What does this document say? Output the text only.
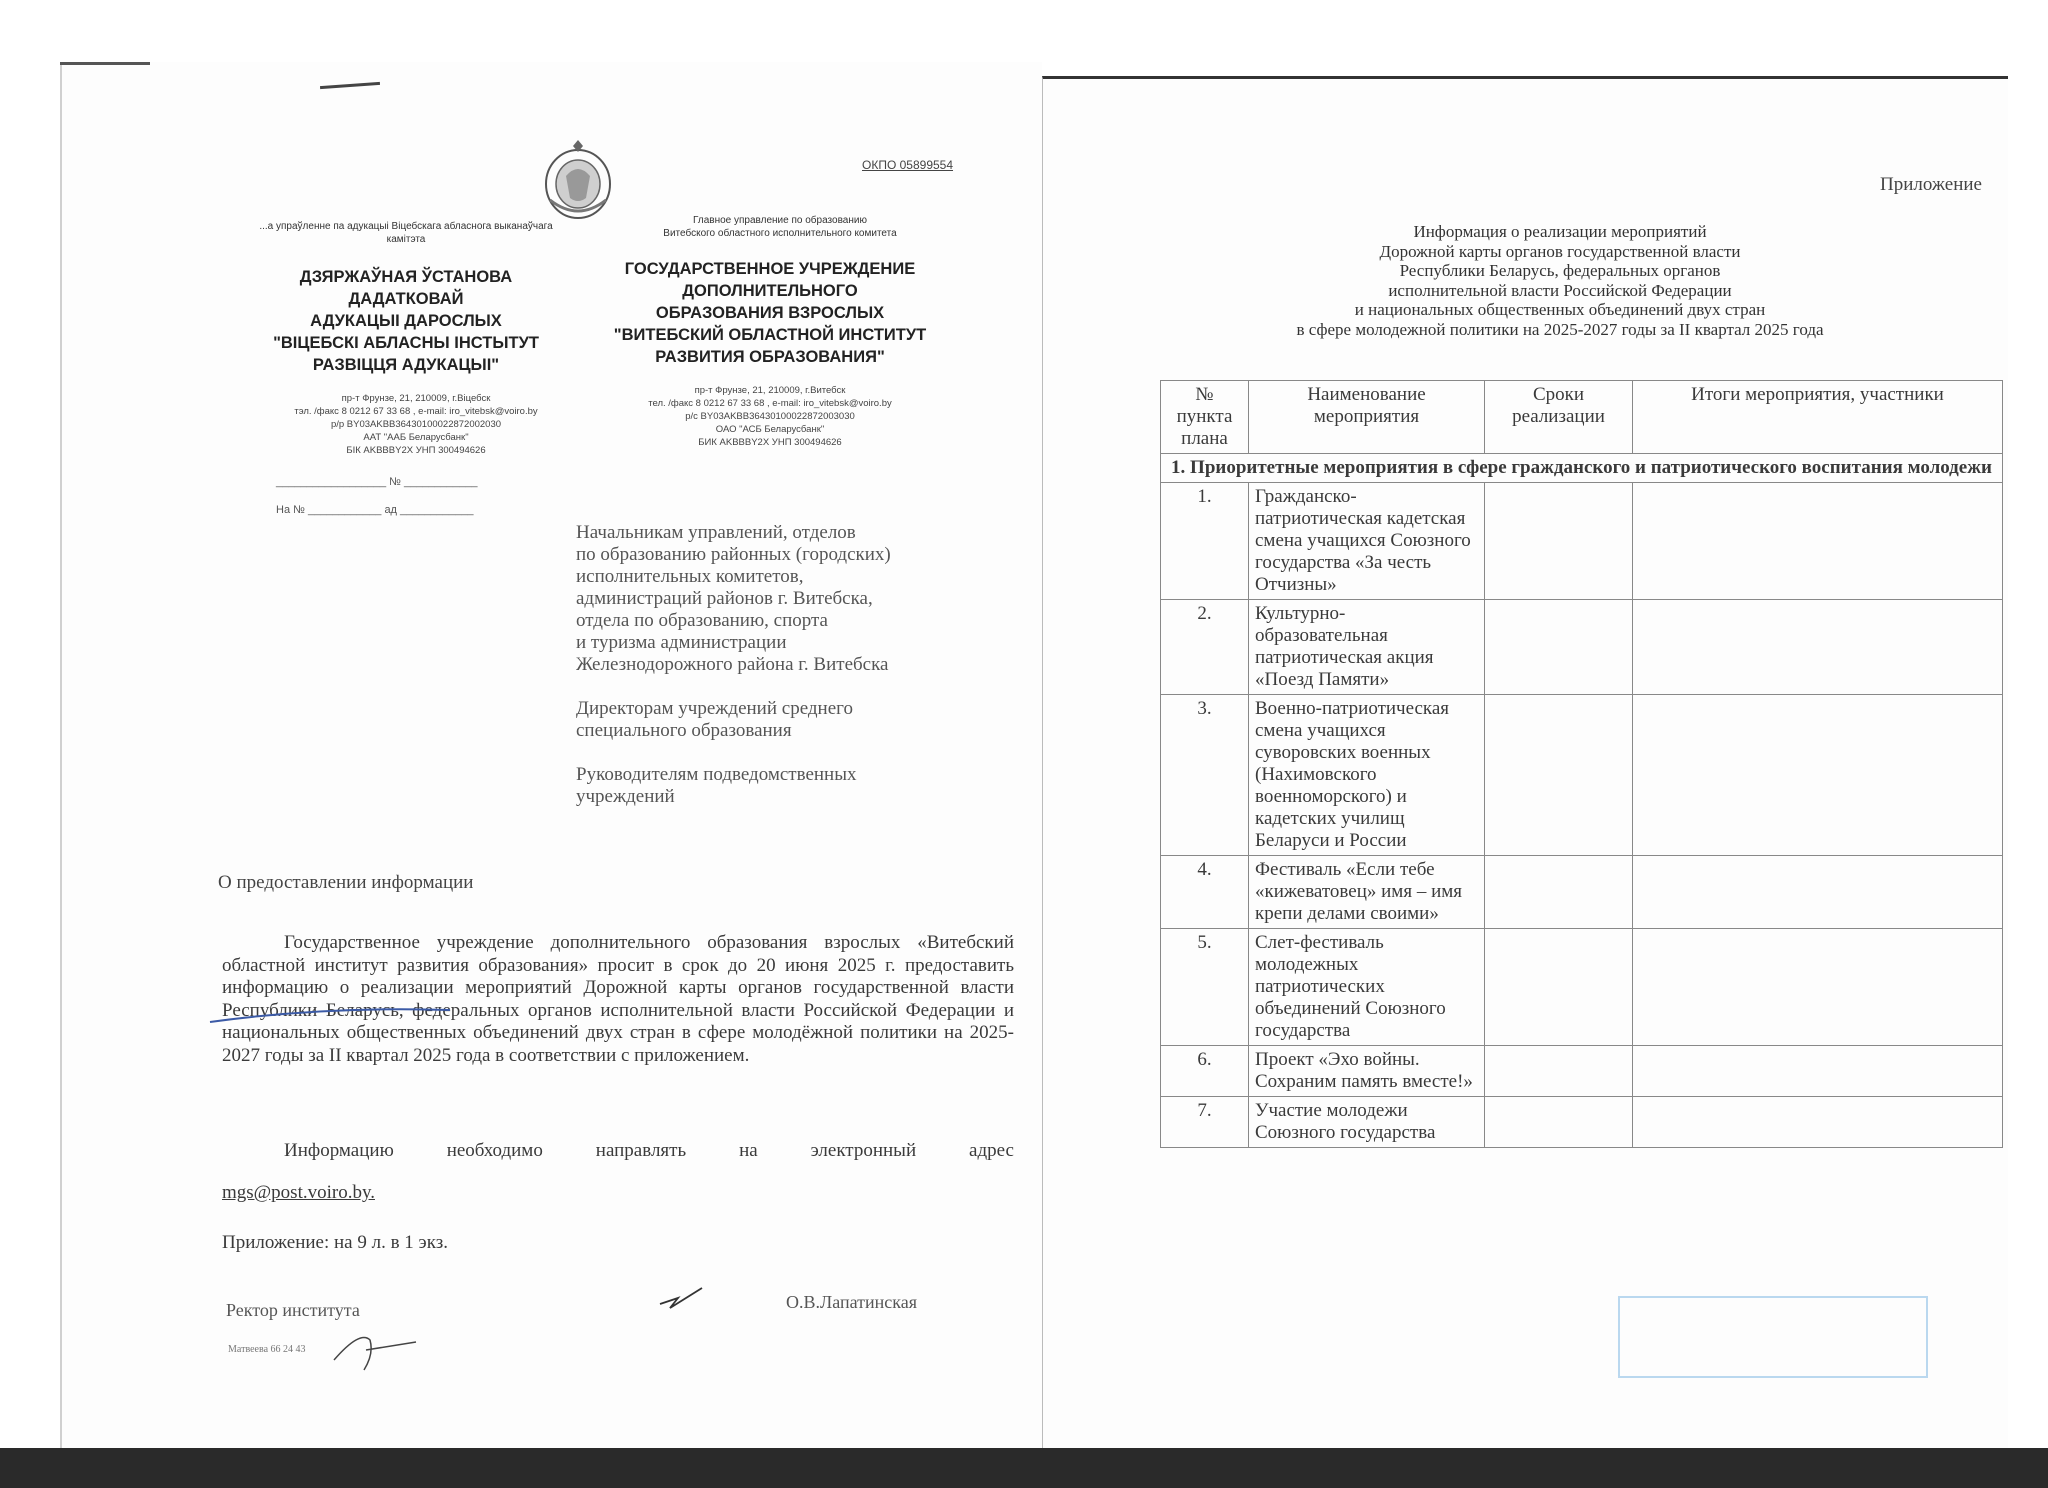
ОКПО 05899554
...а упраўленне па адукацыі Віцебскага абласнога выканаўчага камітэта
ДЗЯРЖАЎНАЯ ЎСТАНОВА
ДАДАТКОВАЙ
АДУКАЦЫІ ДАРОСЛЫХ
"ВІЦЕБСКІ АБЛАСНЫ ІНСТЫТУТ
РАЗВІЦЦЯ АДУКАЦЫІ"
пр-т Фрунзе, 21, 210009, г.Віцебск
тэл. /факс 8 0212 67 33 68 , e-mail: iro_vitebsk@voiro.by
р/р BY03AKBB36430100022872002030
ААТ "ААБ Беларусбанк"
БІК AKBBBY2X УНП 300494626
__________________ № ____________
На № ____________ ад ____________
Главное управление по образованию
Витебского областного исполнительного комитета
ГОСУДАРСТВЕННОЕ УЧРЕЖДЕНИЕ
ДОПОЛНИТЕЛЬНОГО
ОБРАЗОВАНИЯ ВЗРОСЛЫХ
"ВИТЕБСКИЙ ОБЛАСТНОЙ ИНСТИТУТ
РАЗВИТИЯ ОБРАЗОВАНИЯ"
пр-т Фрунзе, 21, 210009, г.Витебск
тел. /факс 8 0212 67 33 68 , e-mail: iro_vitebsk@voiro.by
р/с BY03AKBB36430100022872003030
ОАО "АСБ Беларусбанк"
БИК AKBBBY2X УНП 300494626
Начальникам управлений, отделов
по образованию районных (городских)
исполнительных комитетов,
администраций районов г. Витебска,
отдела по образованию, спорта
и туризма администрации
Железнодорожного района г. Витебска
Директорам учреждений среднего
специального образования
Руководителям подведомственных
учреждений
О предоставлении информации
Государственное учреждение дополнительного образования взрослых «Витебский областной институт развития образования» просит в срок до 20 июня 2025 г. предоставить информацию о реализации мероприятий Дорожной карты органов государственной власти Республики Беларусь, федеральных органов исполнительной власти Российской Федерации и национальных общественных объединений двух стран в сфере молодёжной политики на 2025-2027 годы за II квартал 2025 года в соответствии с приложением.
Информацию необходимо направлять на электронный адрес
mgs@post.voiro.by.
Приложение: на 9 л. в 1 экз.
Ректор института	О.В.Лапатинская
Матвеева 66 24 43
Приложение
Информация о реализации мероприятий
Дорожной карты органов государственной власти
Республики Беларусь, федеральных органов
исполнительной власти Российской Федерации
и национальных общественных объединений двух стран
в сфере молодежной политики на 2025-2027 годы за II квартал 2025 года
№ пункта плана	Наименование мероприятия	Сроки реализации	Итоги мероприятия, участники
1. Приоритетные мероприятия в сфере гражданского и патриотического воспитания молодежи			
1.	Гражданско-патриотическая кадетская смена учащихся Союзного государства «За честь Отчизны»		
2.	Культурно-образовательная патриотическая акция «Поезд Памяти»		
3.	Военно-патриотическая смена учащихся суворовских военных (Нахимовского военноморского) и кадетских училищ Беларуси и России		
4.	Фестиваль «Если тебе «кижеватовец» имя – имя крепи делами своими»		
5.	Слет-фестиваль молодежных патриотических объединений Союзного государства		
6.	Проект «Эхо войны. Сохраним память вместе!»		
7.	Участие молодежи Союзного государства		
